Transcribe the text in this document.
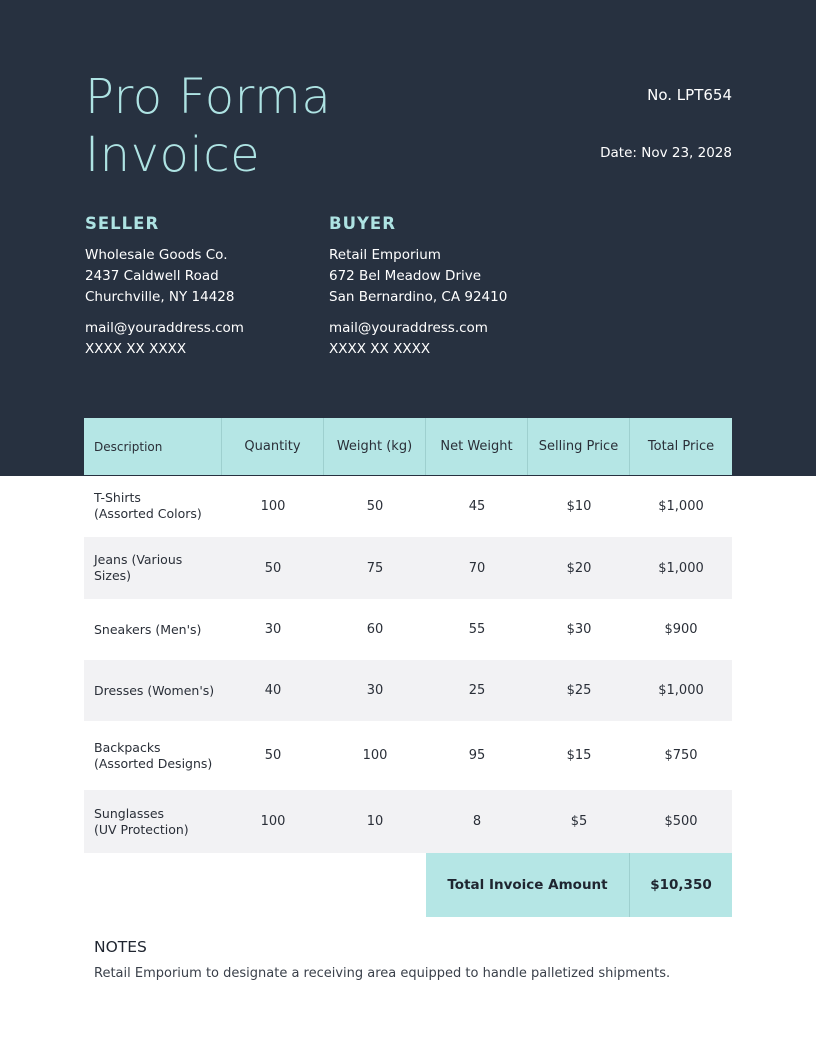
Pro Forma
Invoice
No. LPT654
Date: Nov 23, 2028
SELLER
Wholesale Goods Co.
2437 Caldwell Road
Churchville, NY 14428
mail@youraddress.com
XXXX XX XXXX
BUYER
Retail Emporium
672 Bel Meadow Drive
San Bernardino, CA 92410
mail@youraddress.com
XXXX XX XXXX
Description	Quantity	Weight (kg)	Net Weight	Selling Price	Total Price
T-Shirts
(Assorted Colors)	100	50	45	$10	$1,000
Jeans (Various
Sizes)	50	75	70	$20	$1,000
Sneakers (Men's)	30	60	55	$30	$900
Dresses (Women's)	40	30	25	$25	$1,000
Backpacks
(Assorted Designs)	50	100	95	$15	$750
Sunglasses
(UV Protection)	100	10	8	$5	$500
Total Invoice Amount	$10,350
NOTES

Retail Emporium to designate a receiving area equipped to handle palletized shipments.
